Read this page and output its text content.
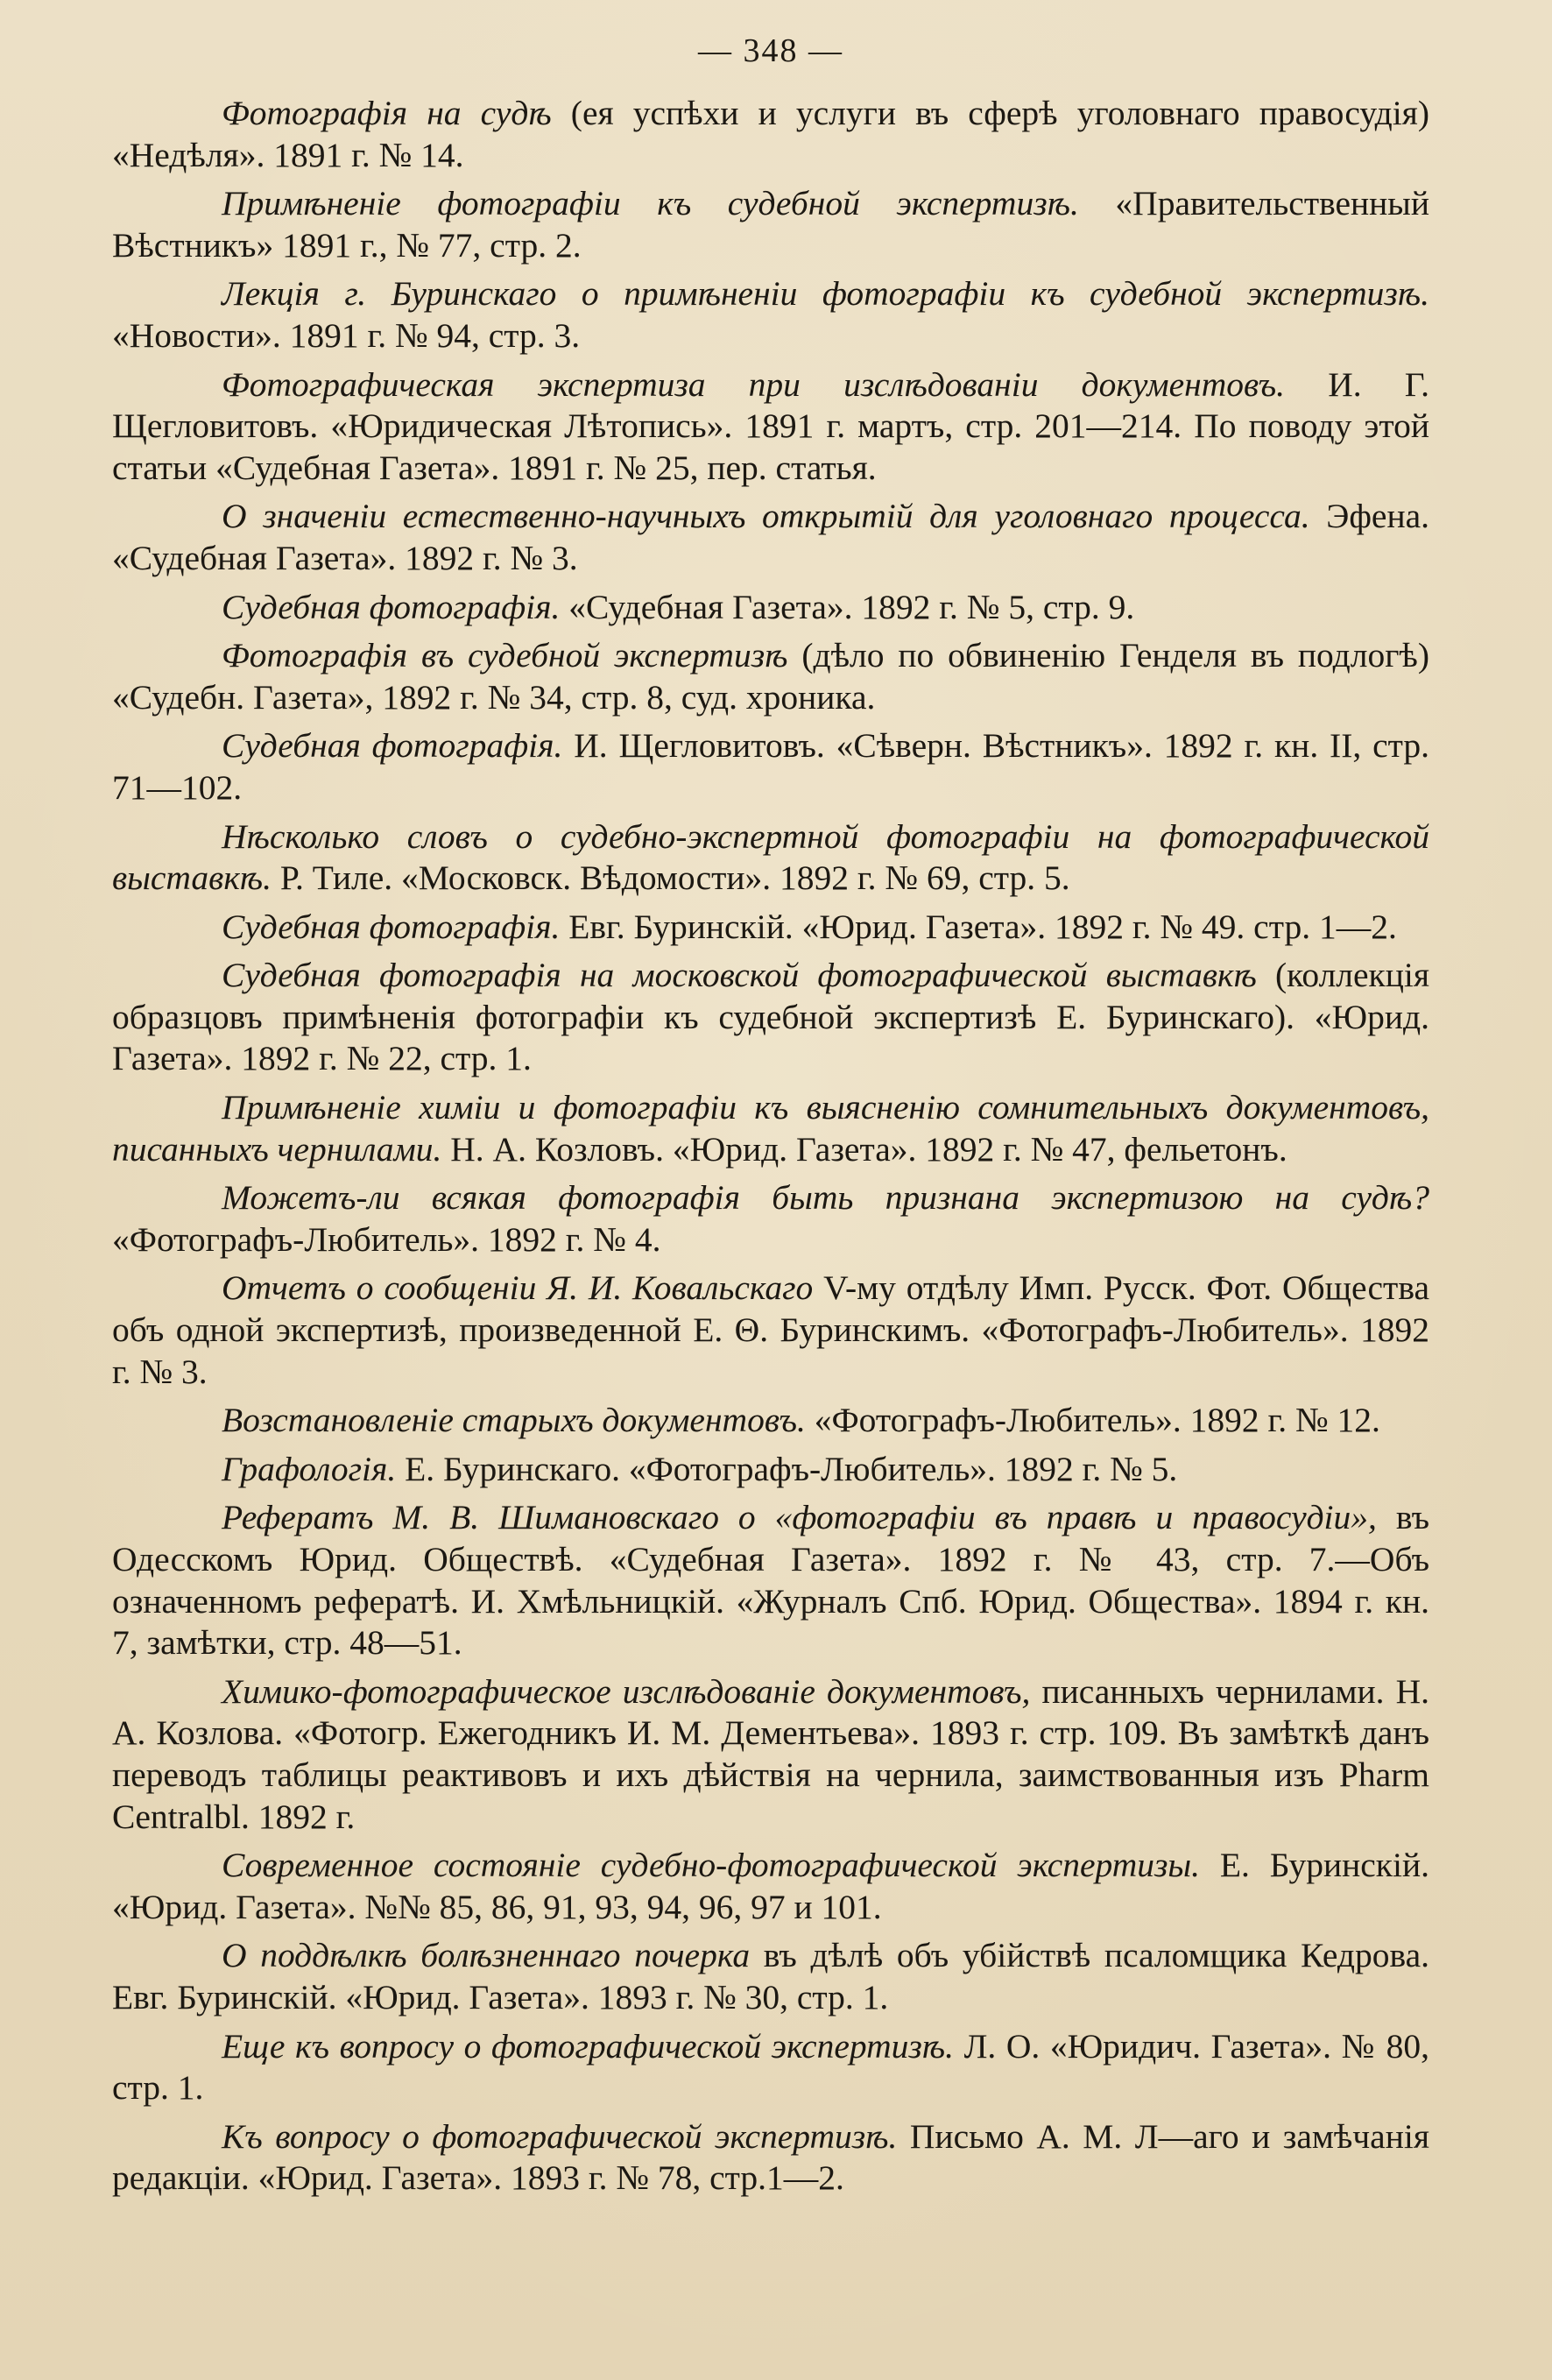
— 348 —
Фотографія на судѣ (ея успѣхи и услуги въ сферѣ уголовнаго правосудія) «Недѣля». 1891 г. № 14.
Примѣненіе фотографіи къ судебной экспертизѣ. «Правительственный Вѣстникъ» 1891 г., № 77, стр. 2.
Лекція г. Буринскаго о примѣненіи фотографіи къ судебной экспертизѣ. «Новости». 1891 г. № 94, стр. 3.
Фотографическая экспертиза при изслѣдованіи документовъ. И. Г. Щегловитовъ. «Юридическая Лѣтопись». 1891 г. мартъ, стр. 201—214. По поводу этой статьи «Судебная Газета». 1891 г. № 25, пер. статья.
О значеніи естественно-научныхъ открытій для уголовнаго процесса. Эфена. «Судебная Газета». 1892 г. № 3.
Судебная фотографія. «Судебная Газета». 1892 г. № 5, стр. 9.
Фотографія въ судебной экспертизѣ (дѣло по обвиненію Генделя въ подлогѣ) «Судебн. Газета», 1892 г. № 34, стр. 8, суд. хроника.
Судебная фотографія. И. Щегловитовъ. «Сѣверн. Вѣстникъ». 1892 г. кн. II, стр. 71—102.
Нѣсколько словъ о судебно-экспертной фотографіи на фотографической выставкѣ. Р. Тиле. «Московск. Вѣдомости». 1892 г. № 69, стр. 5.
Судебная фотографія. Евг. Буринскій. «Юрид. Газета». 1892 г. № 49. стр. 1—2.
Судебная фотографія на московской фотографической выставкѣ (коллекція образцовъ примѣненія фотографіи къ судебной экспертизѣ Е. Буринскаго). «Юрид. Газета». 1892 г. № 22, стр. 1.
Примѣненіе химіи и фотографіи къ выясненію сомнительныхъ документовъ, писанныхъ чернилами. Н. А. Козловъ. «Юрид. Газета». 1892 г. № 47, фельетонъ.
Можетъ-ли всякая фотографія быть признана экспертизою на судѣ? «Фотографъ-Любитель». 1892 г. № 4.
Отчетъ о сообщеніи Я. И. Ковальскаго V-му отдѣлу Имп. Русск. Фот. Общества объ одной экспертизѣ, произведенной Е. Θ. Буринскимъ. «Фотографъ-Любитель». 1892 г. № 3.
Возстановленіе старыхъ документовъ. «Фотографъ-Любитель». 1892 г. № 12.
Графологія. Е. Буринскаго. «Фотографъ-Любитель». 1892 г. № 5.
Рефератъ М. В. Шимановскаго о «фотографіи въ правѣ и правосудіи», въ Одесскомъ Юрид. Обществѣ. «Судебная Газета». 1892 г. № 43, стр. 7.—Объ означенномъ рефератѣ. И. Хмѣльницкій. «Журналъ Спб. Юрид. Общества». 1894 г. кн. 7, замѣтки, стр. 48—51.
Химико-фотографическое изслѣдованіе документовъ, писанныхъ чернилами. Н. А. Козлова. «Фотогр. Ежегодникъ И. М. Дементьева». 1893 г. стр. 109. Въ замѣткѣ данъ переводъ таблицы реактивовъ и ихъ дѣйствія на чернила, заимствованныя изъ Pharm Centralbl. 1892 г.
Современное состояніе судебно-фотографической экспертизы. Е. Буринскій. «Юрид. Газета». №№ 85, 86, 91, 93, 94, 96, 97 и 101.
О поддѣлкѣ болѣзненнаго почерка въ дѣлѣ объ убійствѣ псаломщика Кедрова. Евг. Буринскій. «Юрид. Газета». 1893 г. № 30, стр. 1.
Еще къ вопросу о фотографической экспертизѣ. Л. О. «Юридич. Газета». № 80, стр. 1.
Къ вопросу о фотографической экспертизѣ. Письмо А. М. Л—аго и замѣчанія редакціи. «Юрид. Газета». 1893 г. № 78, стр.1—2.
